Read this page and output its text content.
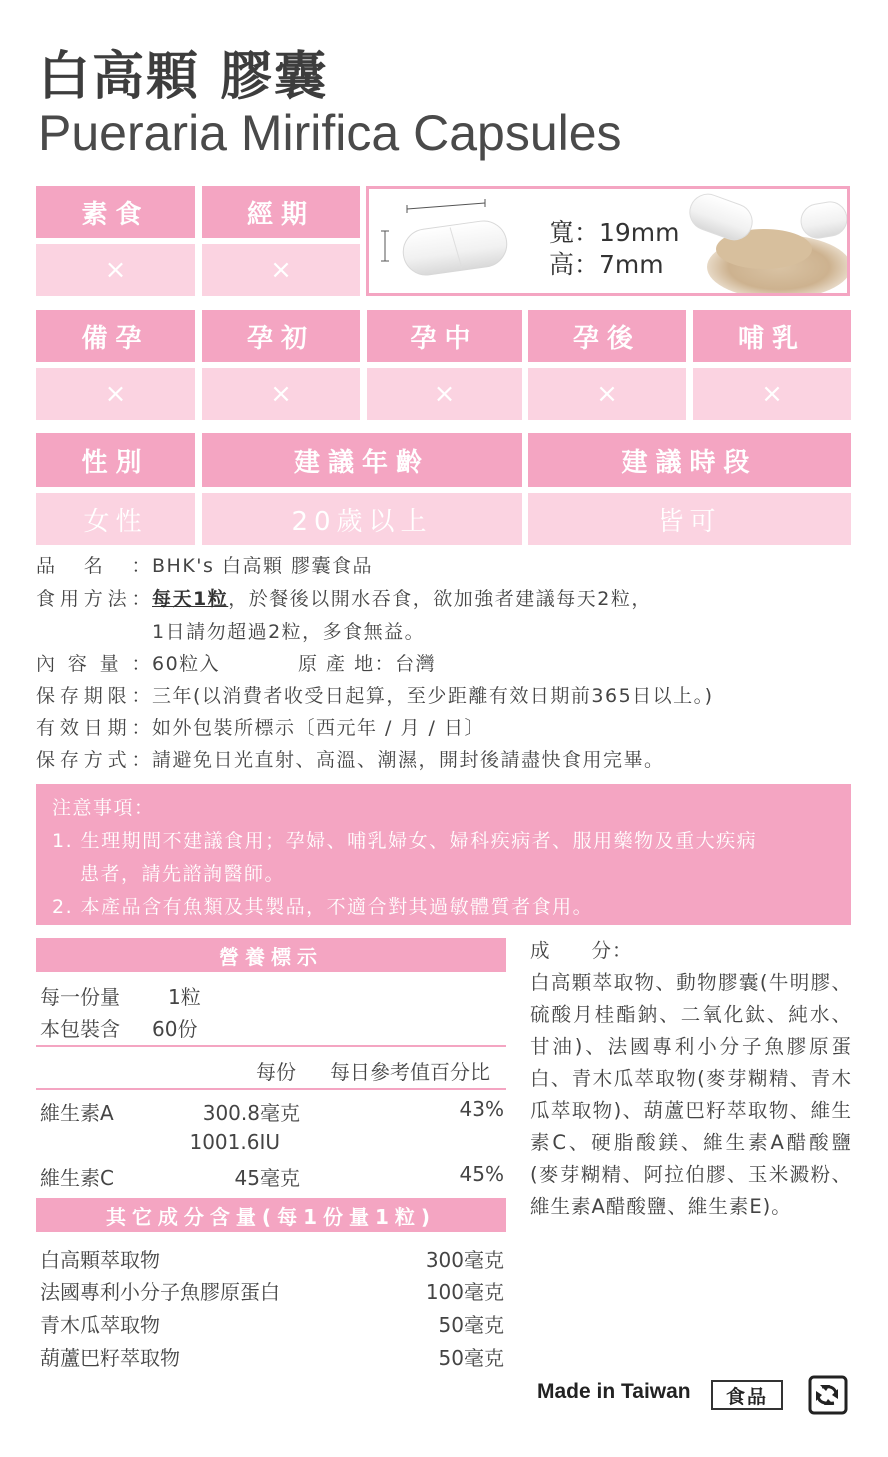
白高顆 膠囊
Pueraria Mirifica Capsules
素食	經期
×	×
寬：19mm
高：7mm
備孕	孕初	孕中	孕後	哺乳
×	×	×	×	×
性別	建議年齡	建議時段
女性	20歲以上	皆可
品名：BHK's 白高顆 膠囊食品
食用方法：每天1粒，於餐後以開水吞食，欲加強者建議每天2粒，
1日請勿超過2粒，多食無益。
內容量：60粒入	原 產 地：台灣
保存期限：三年(以消費者收受日起算，至少距離有效日期前365日以上。)
有效日期：如外包裝所標示〔西元年 / 月 / 日〕
保存方式：請避免日光直射、高溫、潮濕，開封後請盡快食用完畢。
注意事項：
1. 生理期間不建議食用；孕婦、哺乳婦女、婦科疾病者、服用藥物及重大疾病
患者，請先諮詢醫師。
2. 本產品含有魚類及其製品，不適合對其過敏體質者食用。
營養標示
每一份量 1粒
本包裝含 60份
每份 每日參考值百分比
維生素A	300.8毫克	43%
1001.6IU
維生素C	45毫克	45%
其它成分含量(每1份量1粒)
白高顆萃取物	300毫克
法國專利小分子魚膠原蛋白	100毫克
青木瓜萃取物	50毫克
葫蘆巴籽萃取物	50毫克
成　　分：
白高顆萃取物、動物膠囊(牛明膠、硫酸月桂酯鈉、二氧化鈦、純水、甘油)、法國專利小分子魚膠原蛋白、青木瓜萃取物(麥芽糊精、青木瓜萃取物)、葫蘆巴籽萃取物、維生素C、硬脂酸鎂、維生素A醋酸鹽(麥芽糊精、阿拉伯膠、玉米澱粉、維生素A醋酸鹽、維生素E)。
Made in Taiwan	食品
